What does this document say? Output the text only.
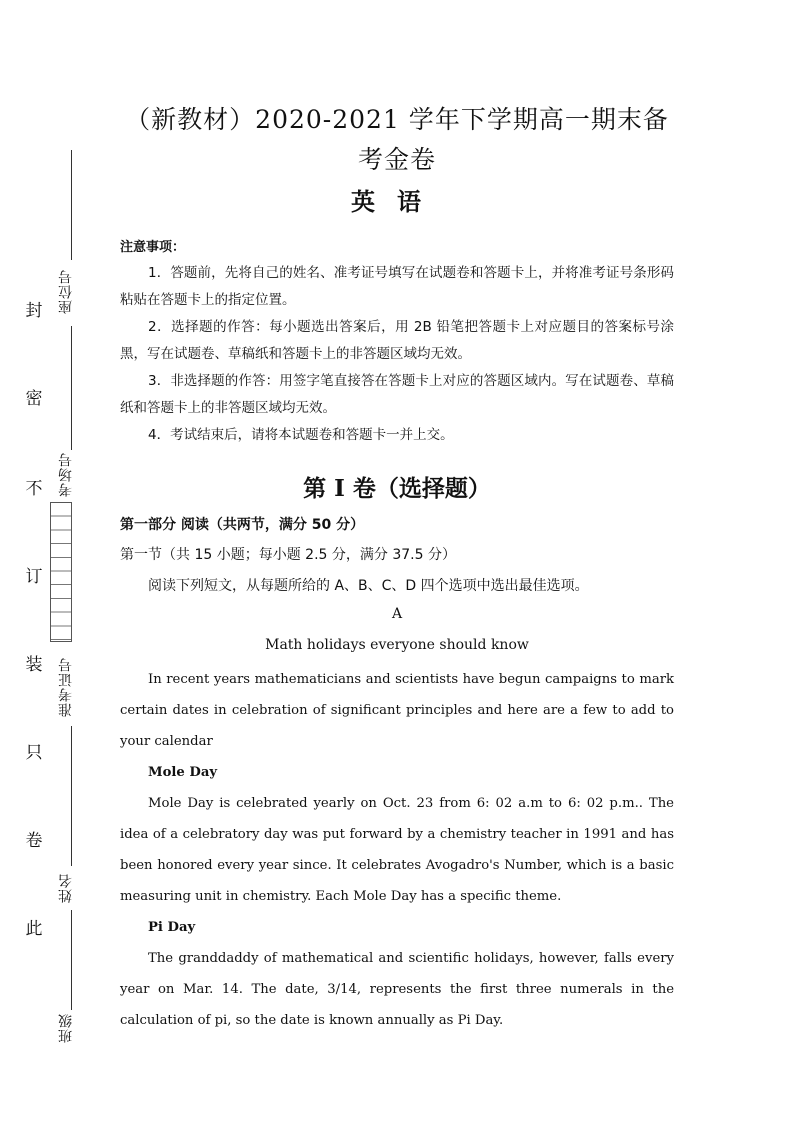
座位号
考场号
准考证号
姓名
班级
封
密
不
订
装
只
卷
此
（新教材）2020-2021 学年下学期高一期末备考金卷
英语
注意事项：

1．答题前，先将自己的姓名、准考证号填写在试题卷和答题卡上，并将准考证号条形码粘贴在答题卡上的指定位置。

2．选择题的作答：每小题选出答案后，用 2B 铅笔把答题卡上对应题目的答案标号涂黑，写在试题卷、草稿纸和答题卡上的非答题区域均无效。

3．非选择题的作答：用签字笔直接答在答题卡上对应的答题区域内。写在试题卷、草稿纸和答题卡上的非答题区域均无效。

4．考试结束后，请将本试题卷和答题卡一并上交。

第 I 卷（选择题）
第一部分 阅读（共两节，满分 50 分）
第一节（共 15 小题；每小题 2.5 分，满分 37.5 分）
阅读下列短文，从每题所给的 A、B、C、D 四个选项中选出最佳选项。
A
Math holidays everyone should know

In recent years mathematicians and scientists have begun campaigns to mark certain dates in celebration of significant principles and here are a few to add to your calendar

Mole Day

Mole Day is celebrated yearly on Oct. 23 from 6: 02 a.m to 6: 02 p.m.. The idea of a celebratory day was put forward by a chemistry teacher in 1991 and has been honored every year since. It celebrates Avogadro's Number, which is a basic measuring unit in chemistry. Each Mole Day has a specific theme.

Pi Day

The granddaddy of mathematical and scientific holidays, however, falls every year on Mar. 14. The date, 3/14, represents the first three numerals in the calculation of pi, so the date is known annually as Pi Day.
